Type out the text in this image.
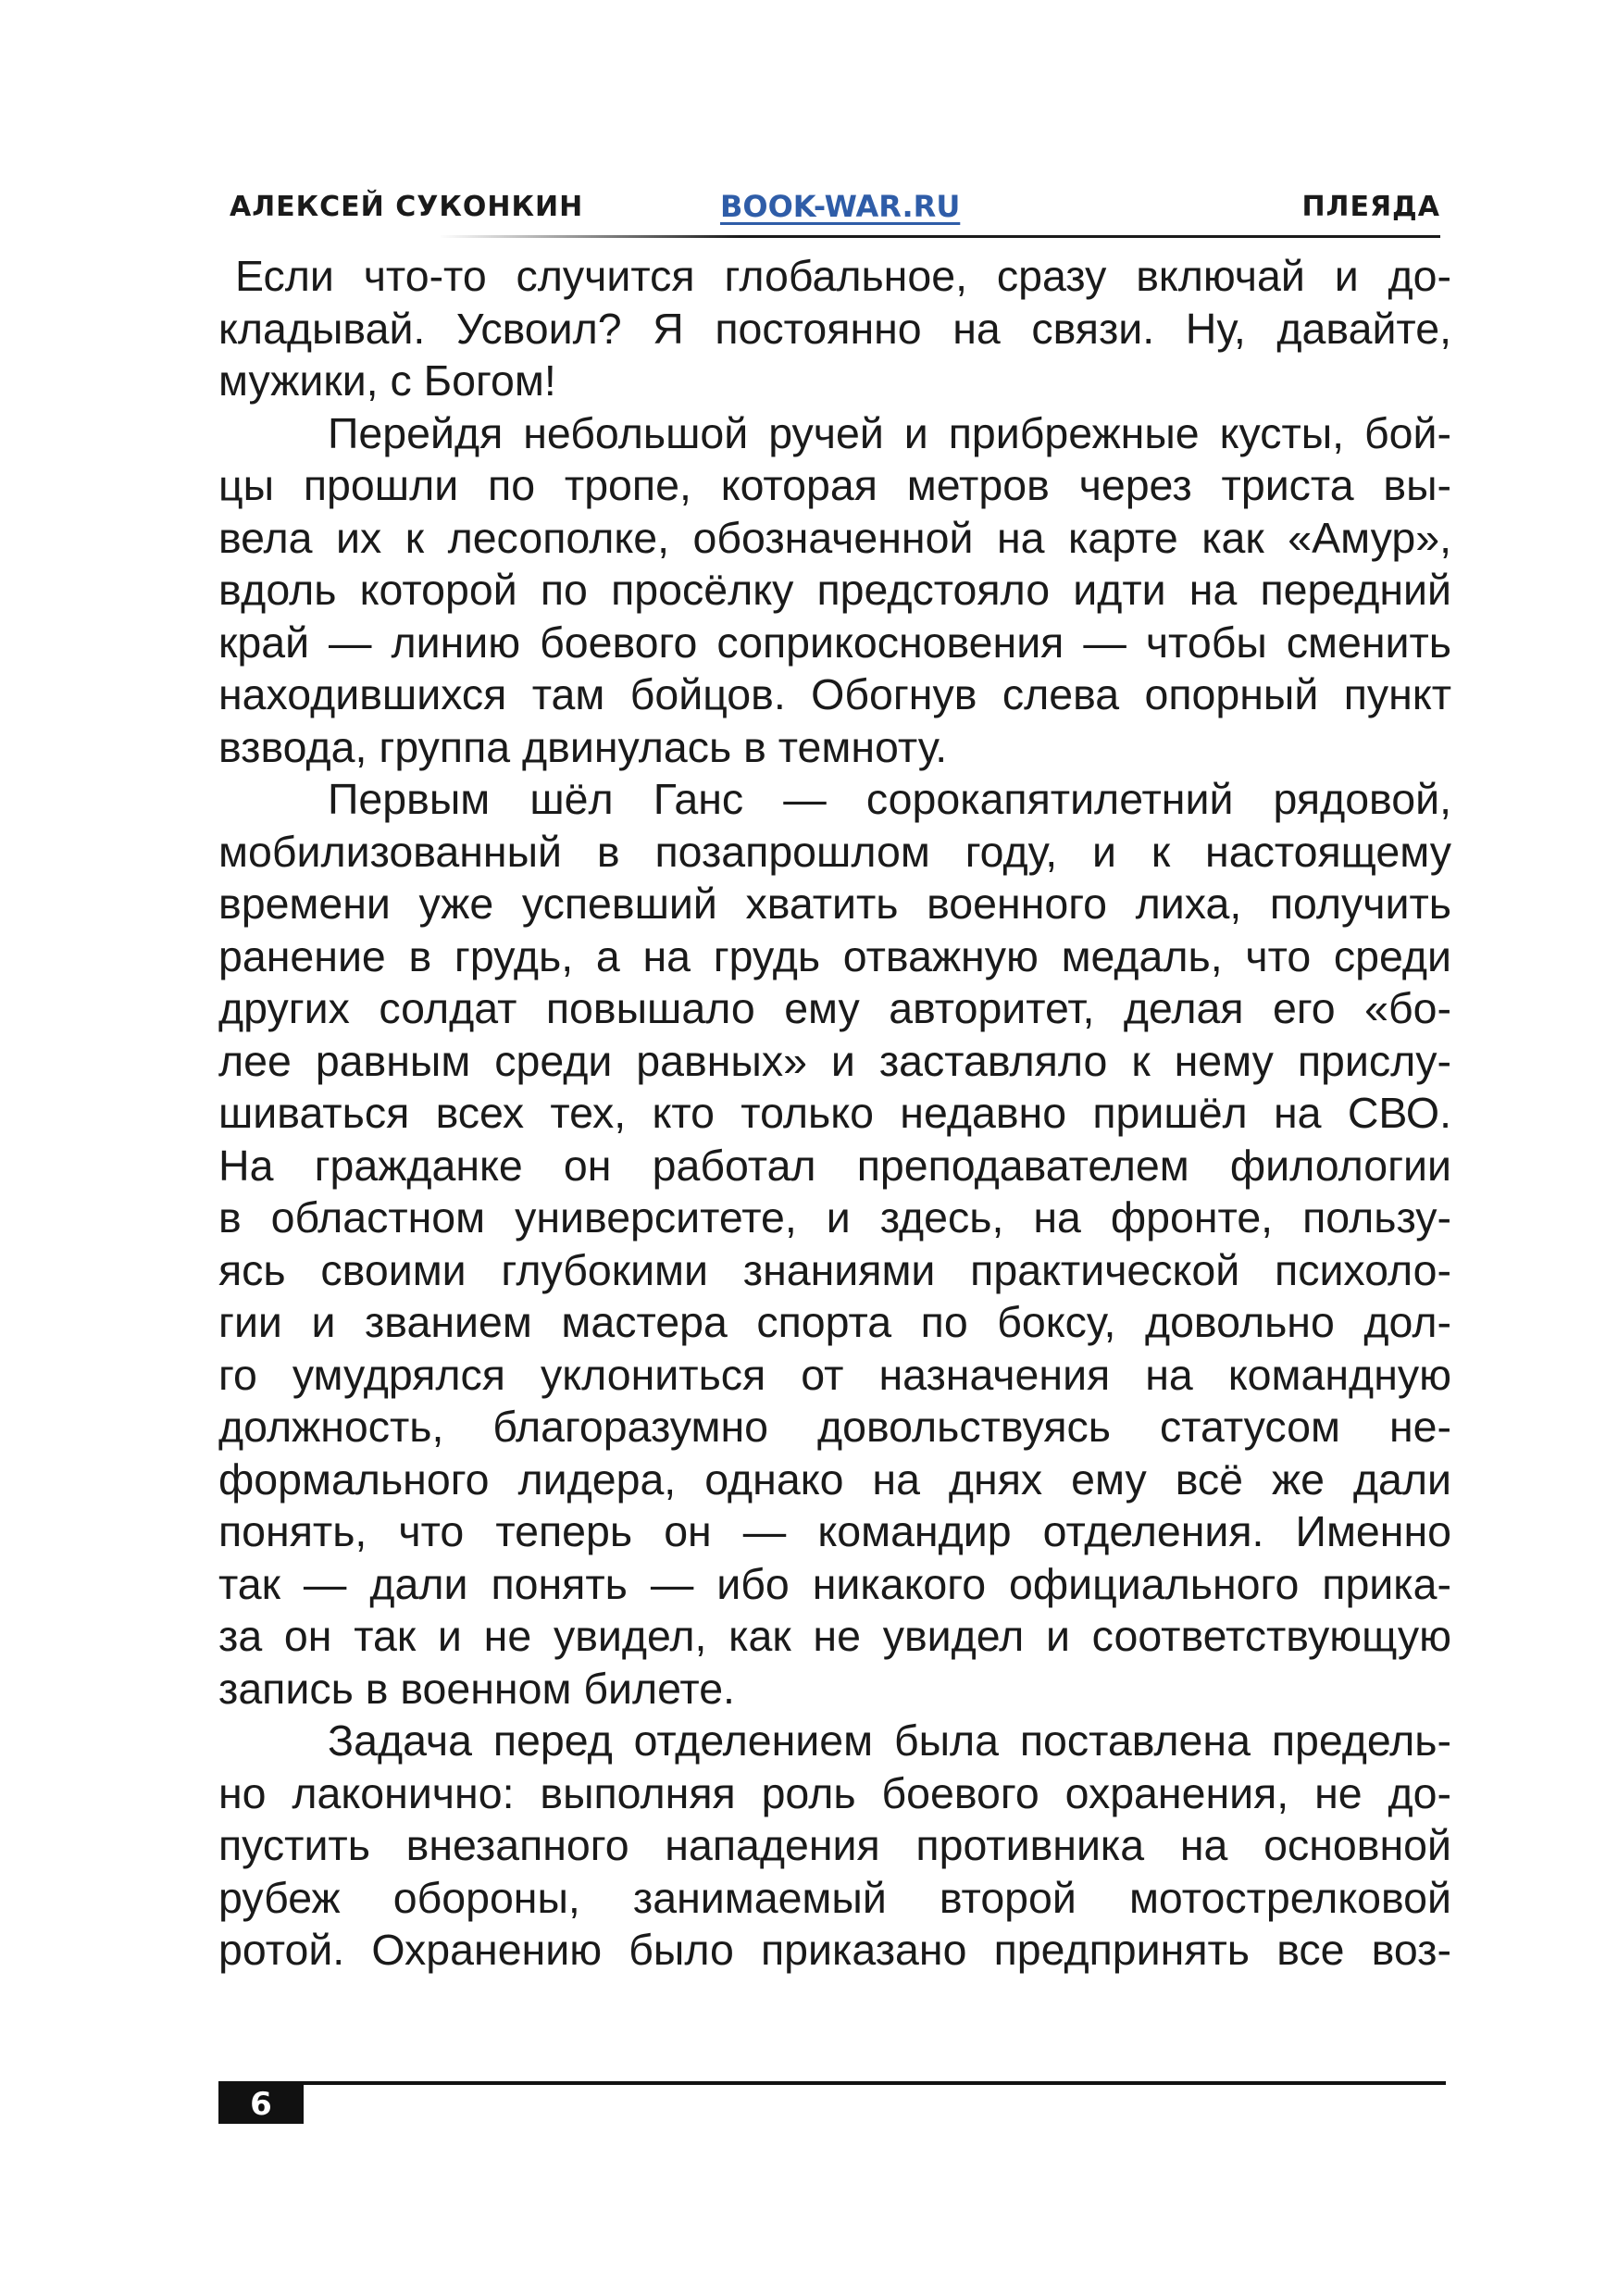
АЛЕКСЕЙ СУКОНКИН	BOOK-WAR.RU	ПЛЕЯДА
Если что-то случится глобальное, сразу включай и до-
кладывай. Усвоил? Я постоянно на связи. Ну, давайте,
мужики, с Богом!
Перейдя небольшой ручей и прибрежные кусты, бой-
цы прошли по тропе, которая метров через триста вы-
вела их к лесополке, обозначенной на карте как «Амур»,
вдоль которой по просёлку предстояло идти на передний
край — линию боевого соприкосновения — чтобы сменить
находившихся там бойцов. Обогнув слева опорный пункт
взвода, группа двинулась в темноту.
Первым шёл Ганс — сорокапятилетний рядовой,
мобилизованный в позапрошлом году, и к настоящему
времени уже успевший хватить военного лиха, получить
ранение в грудь, а на грудь отважную медаль, что среди
других солдат повышало ему авторитет, делая его «бо-
лее равным среди равных» и заставляло к нему прислу-
шиваться всех тех, кто только недавно пришёл на СВО.
На гражданке он работал преподавателем филологии
в областном университете, и здесь, на фронте, пользу-
ясь своими глубокими знаниями практической психоло-
гии и званием мастера спорта по боксу, довольно дол-
го умудрялся уклониться от назначения на командную
должность, благоразумно довольствуясь статусом не-
формального лидера, однако на днях ему всё же дали
понять, что теперь он — командир отделения. Именно
так — дали понять — ибо никакого официального прика-
за он так и не увидел, как не увидел и соответствующую
запись в военном билете.
Задача перед отделением была поставлена предель-
но лаконично: выполняя роль боевого охранения, не до-
пустить внезапного нападения противника на основной
рубеж обороны, занимаемый второй мотострелковой
ротой. Охранению было приказано предпринять все воз-
6
